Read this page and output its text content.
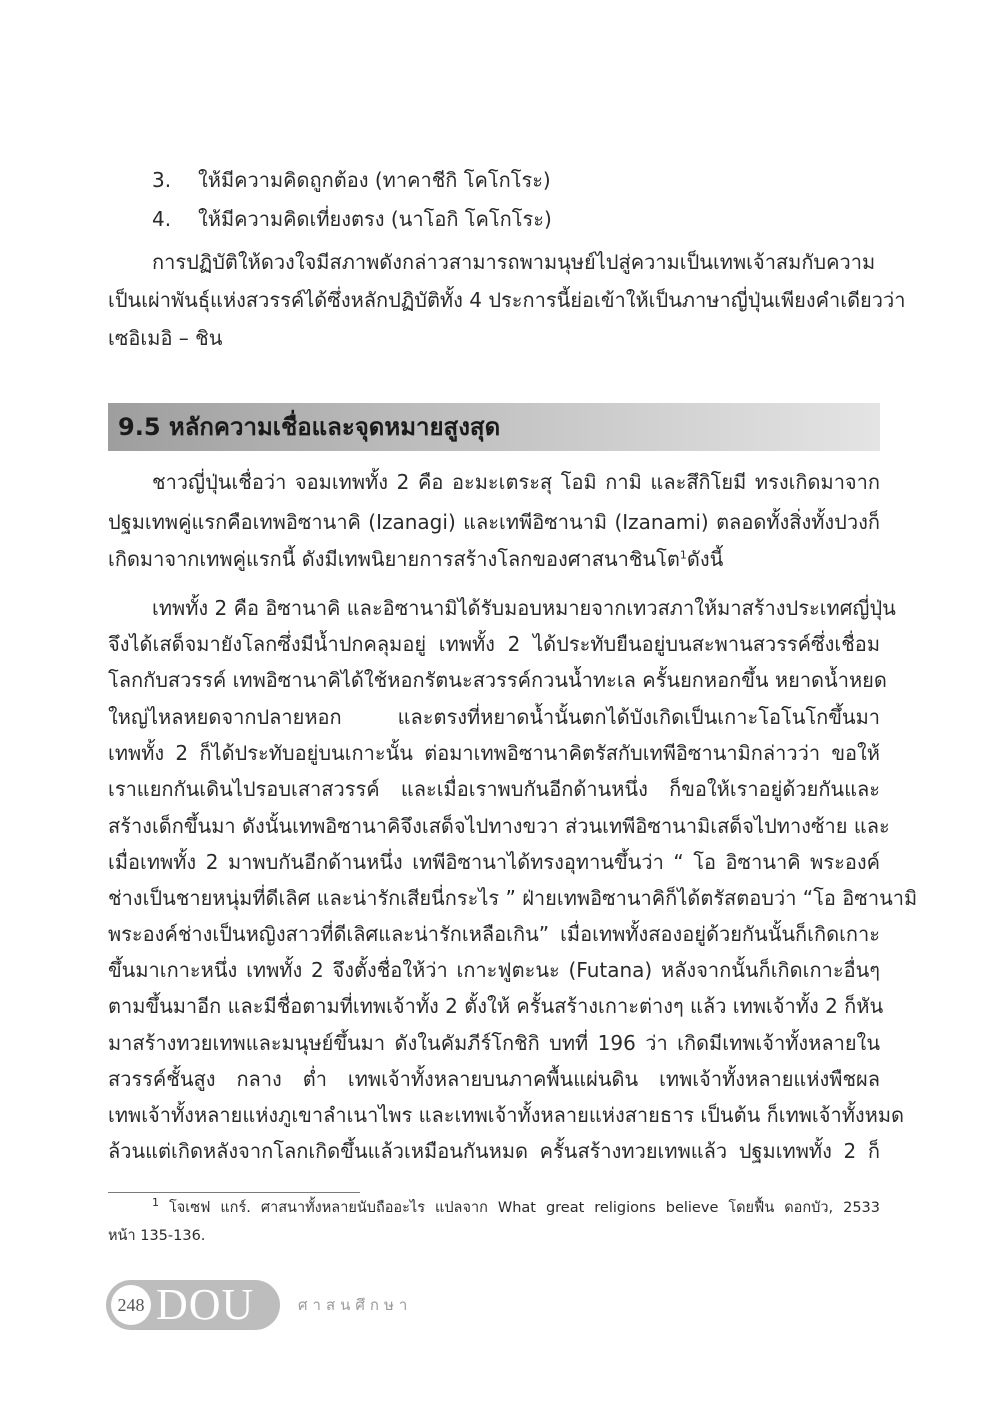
3. ให้มีความคิดถูกต้อง (ทาคาชีกิ โคโกโระ)
4. ให้มีความคิดเที่ยงตรง (นาโอกิ โคโกโระ)
การปฏิบัติให้ดวงใจมีสภาพดังกล่าวสามารถพามนุษย์ไปสู่ความเป็นเทพเจ้าสมกับความ
เป็นเผ่าพันธุ์แห่งสวรรค์ได้ซึ่งหลักปฏิบัติทั้ง 4 ประการนี้ย่อเข้าให้เป็นภาษาญี่ปุ่นเพียงคำเดียวว่า
เซอิเมอิ – ชิน
9.5 หลักความเชื่อและจุดหมายสูงสุด
ชาวญี่ปุ่นเชื่อว่า จอมเทพทั้ง 2 คือ อะมะเตระสุ โอมิ กามิ และสึกิโยมี ทรงเกิดมาจาก
ปฐมเทพคู่แรกคือเทพอิซานาคิ (Izanagi) และเทพีอิซานามิ (Izanami) ตลอดทั้งสิ่งทั้งปวงก็
เกิดมาจากเทพคู่แรกนี้ ดังมีเทพนิยายการสร้างโลกของศาสนาชินโต$^1$ดังนี้
เทพทั้ง 2 คือ อิซานาคิ และอิซานามิได้รับมอบหมายจากเทวสภาให้มาสร้างประเทศญี่ปุ่น
จึงได้เสด็จมายังโลกซึ่งมีน้ำปกคลุมอยู่ เทพทั้ง 2 ได้ประทับยืนอยู่บนสะพานสวรรค์ซึ่งเชื่อม
โลกกับสวรรค์ เทพอิซานาคิได้ใช้หอกรัตนะสวรรค์กวนน้ำทะเล ครั้นยกหอกขึ้น หยาดน้ำหยด
ใหญ่ไหลหยดจากปลายหอก และตรงที่หยาดน้ำนั้นตกได้บังเกิดเป็นเกาะโอโนโกขึ้นมา
เทพทั้ง 2 ก็ได้ประทับอยู่บนเกาะนั้น ต่อมาเทพอิซานาคิตรัสกับเทพีอิซานามิกล่าวว่า ขอให้
เราแยกกันเดินไปรอบเสาสวรรค์ และเมื่อเราพบกันอีกด้านหนึ่ง ก็ขอให้เราอยู่ด้วยกันและ
สร้างเด็กขึ้นมา ดังนั้นเทพอิซานาคิจึงเสด็จไปทางขวา ส่วนเทพีอิซานามิเสด็จไปทางซ้าย และ
เมื่อเทพทั้ง 2 มาพบกันอีกด้านหนึ่ง เทพีอิซานาได้ทรงอุทานขึ้นว่า “ โอ อิซานาคิ พระองค์
ช่างเป็นชายหนุ่มที่ดีเลิศ และน่ารักเสียนี่กระไร ” ฝ่ายเทพอิซานาคิก็ได้ตรัสตอบว่า “โอ อิซานามิ
พระองค์ช่างเป็นหญิงสาวที่ดีเลิศและน่ารักเหลือเกิน” เมื่อเทพทั้งสองอยู่ด้วยกันนั้นก็เกิดเกาะ
ขึ้นมาเกาะหนึ่ง เทพทั้ง 2 จึงตั้งชื่อให้ว่า เกาะฟูตะนะ (Futana) หลังจากนั้นก็เกิดเกาะอื่นๆ
ตามขึ้นมาอีก และมีชื่อตามที่เทพเจ้าทั้ง 2 ตั้งให้ ครั้นสร้างเกาะต่างๆ แล้ว เทพเจ้าทั้ง 2 ก็หัน
มาสร้างทวยเทพและมนุษย์ขึ้นมา ดังในคัมภีร์โกชิกิ บทที่ 196 ว่า เกิดมีเทพเจ้าทั้งหลายใน
สวรรค์ชั้นสูง กลาง ต่ำ เทพเจ้าทั้งหลายบนภาคพื้นแผ่นดิน เทพเจ้าทั้งหลายแห่งพืชผล
เทพเจ้าทั้งหลายแห่งภูเขาลำเนาไพร และเทพเจ้าทั้งหลายแห่งสายธาร เป็นต้น ก็เทพเจ้าทั้งหมด
ล้วนแต่เกิดหลังจากโลกเกิดขึ้นแล้วเหมือนกันหมด ครั้นสร้างทวยเทพแล้ว ปฐมเทพทั้ง 2 ก็
$^1$ โจเซฟ แกร์. ศาสนาทั้งหลายนับถืออะไร แปลจาก What great religions believe โดยฟื้น ดอกบัว, 2533
หน้า 135-136.
248 DOU	ศาสนศึกษา
